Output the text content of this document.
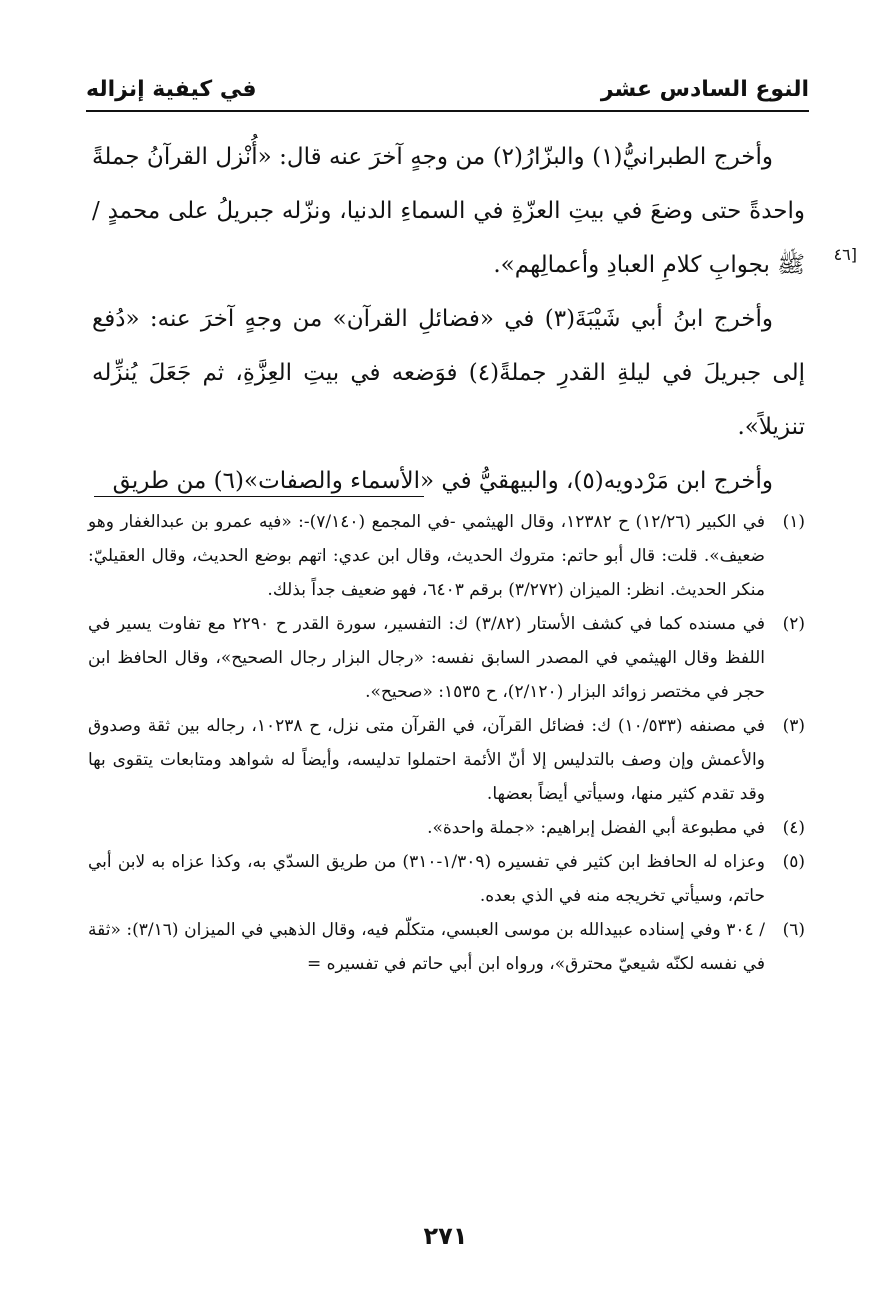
النوع السادس عشر
في كيفية إنزاله
[٤٦

وأخرج الطبرانيُّ(١) والبزّارُ(٢) من وجهٍ آخرَ عنه قال: «أُنْزل القرآنُ جملةً واحدةً حتى وضعَ في بيتِ العزّةِ في السماءِ الدنيا، ونزّله جبريلُ على محمدٍ / ﷺ بجوابِ كلامِ العبادِ وأعمالِهم».

وأخرج ابنُ أبي شَيْبَةَ(٣) في «فضائلِ القرآن» من وجهٍ آخرَ عنه: «دُفع إلى جبريلَ في ليلةِ القدرِ جملةً(٤) فوَضعه في بيتِ العِزَّةِ، ثم جَعَلَ يُنزِّله تنزيلاً».

وأخرج ابن مَرْدويه(٥)، والبيهقيُّ في «الأسماء والصفات»(٦) من طريق

(١)في الكبير (١٢/٢٦) ح ١٢٣٨٢، وقال الهيثمي -في المجمع (٧/١٤٠)-: «فيه عمرو بن عبدالغفار وهو ضعيف». قلت: قال أبو حاتم: متروك الحديث، وقال ابن عدي: اتهم بوضع الحديث، وقال العقيليّ: منكر الحديث. انظر: الميزان (٣/٢٧٢) برقم ٦٤٠٣، فهو ضعيف جداً بذلك.

(٢)في مسنده كما في كشف الأستار (٣/٨٢) ك: التفسير، سورة القدر ح ٢٢٩٠ مع تفاوت يسير في اللفظ وقال الهيثمي في المصدر السابق نفسه: «رجال البزار رجال الصحيح»، وقال الحافظ ابن حجر في مختصر زوائد البزار (٢/١٢٠)، ح ١٥٣٥: «صحيح».

(٣)في مصنفه (١٠/٥٣٣) ك: فضائل القرآن، في القرآن متى نزل، ح ١٠٢٣٨، رجاله بين ثقة وصدوق والأعمش وإن وصف بالتدليس إلا أنّ الأئمة احتملوا تدليسه، وأيضاً له شواهد ومتابعات يتقوى بها وقد تقدم كثير منها، وسيأتي أيضاً بعضها.

(٤)في مطبوعة أبي الفضل إبراهيم: «جملة واحدة».

(٥)وعزاه له الحافظ ابن كثير في تفسيره (١/٣٠٩-٣١٠) من طريق السدّي به، وكذا عزاه به لابن أبي حاتم، وسيأتي تخريجه منه في الذي بعده.

(٦)/ ٣٠٤ وفي إسناده عبيدالله بن موسى العبسي، متكلّم فيه، وقال الذهبي في الميزان (٣/١٦): «ثقة في نفسه لكنّه شيعيّ محترق»، ورواه ابن أبي حاتم في تفسيره =

٢٧١
